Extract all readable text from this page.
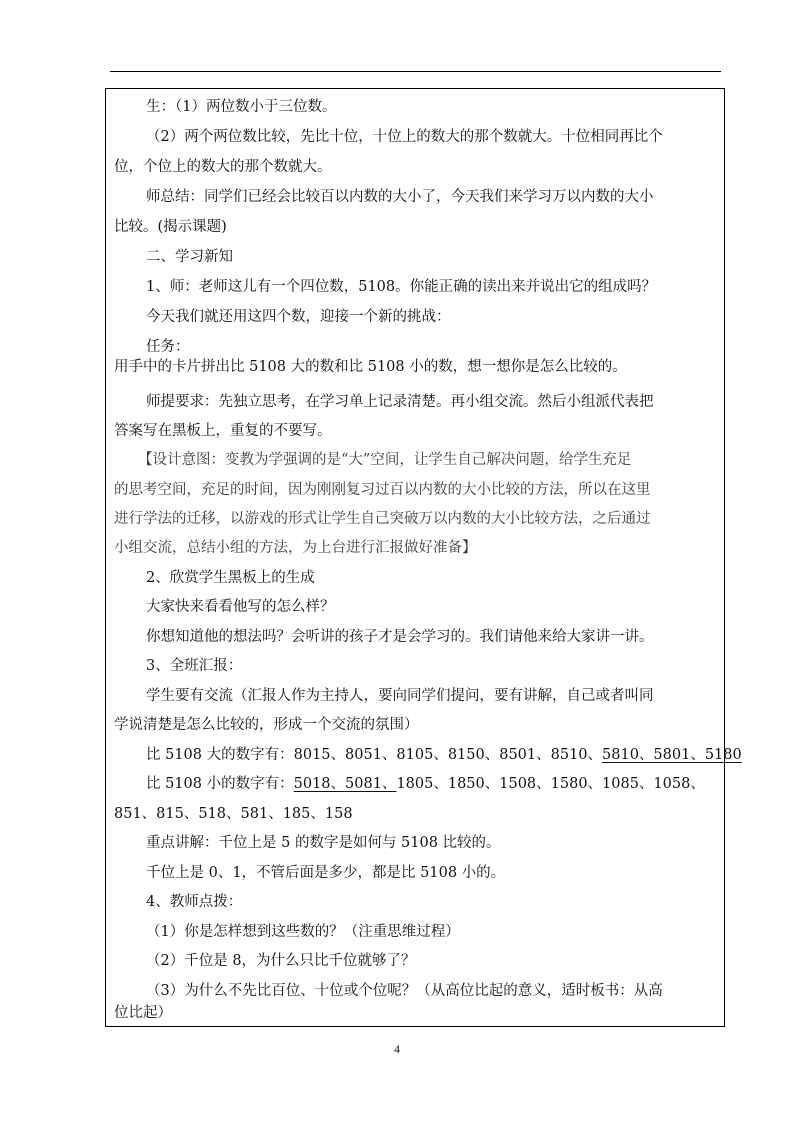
生：（1）两位数小于三位数。
（2）两个两位数比较，先比十位，十位上的数大的那个数就大。十位相同再比个
位，个位上的数大的那个数就大。
师总结：同学们已经会比较百以内数的大小了，今天我们来学习万以内数的大小
比较。(揭示课题)
二、学习新知
1、师：老师这儿有一个四位数，5108。你能正确的读出来并说出它的组成吗？
今天我们就还用这四个数，迎接一个新的挑战：
任务：
用手中的卡片拼出比 5108 大的数和比 5108 小的数，想一想你是怎么比较的。
师提要求：先独立思考，在学习单上记录清楚。再小组交流。然后小组派代表把
答案写在黑板上，重复的不要写。
【设计意图：变教为学强调的是“大”空间，让学生自己解决问题，给学生充足
的思考空间，充足的时间，因为刚刚复习过百以内数的大小比较的方法，所以在这里
进行学法的迁移，以游戏的形式让学生自己突破万以内数的大小比较方法，之后通过
小组交流，总结小组的方法，为上台进行汇报做好准备】
2、欣赏学生黑板上的生成
大家快来看看他写的怎么样？
你想知道他的想法吗？会听讲的孩子才是会学习的。我们请他来给大家讲一讲。
3、全班汇报：
学生要有交流（汇报人作为主持人，要向同学们提问，要有讲解，自己或者叫同
学说清楚是怎么比较的，形成一个交流的氛围）
比 5108 大的数字有：8015、8051、8105、8150、8501、8510、5810、5801、5180
比 5108 小的数字有：5018、5081、1805、1850、1508、1580、1085、1058、
851、815、518、581、185、158
重点讲解：千位上是 5 的数字是如何与 5108 比较的。
千位上是 0、1，不管后面是多少，都是比 5108 小的。
4、教师点拨：
（1）你是怎样想到这些数的？（注重思维过程）
（2）千位是 8，为什么只比千位就够了？
（3）为什么不先比百位、十位或个位呢？（从高位比起的意义，适时板书：从高
位比起）
4
